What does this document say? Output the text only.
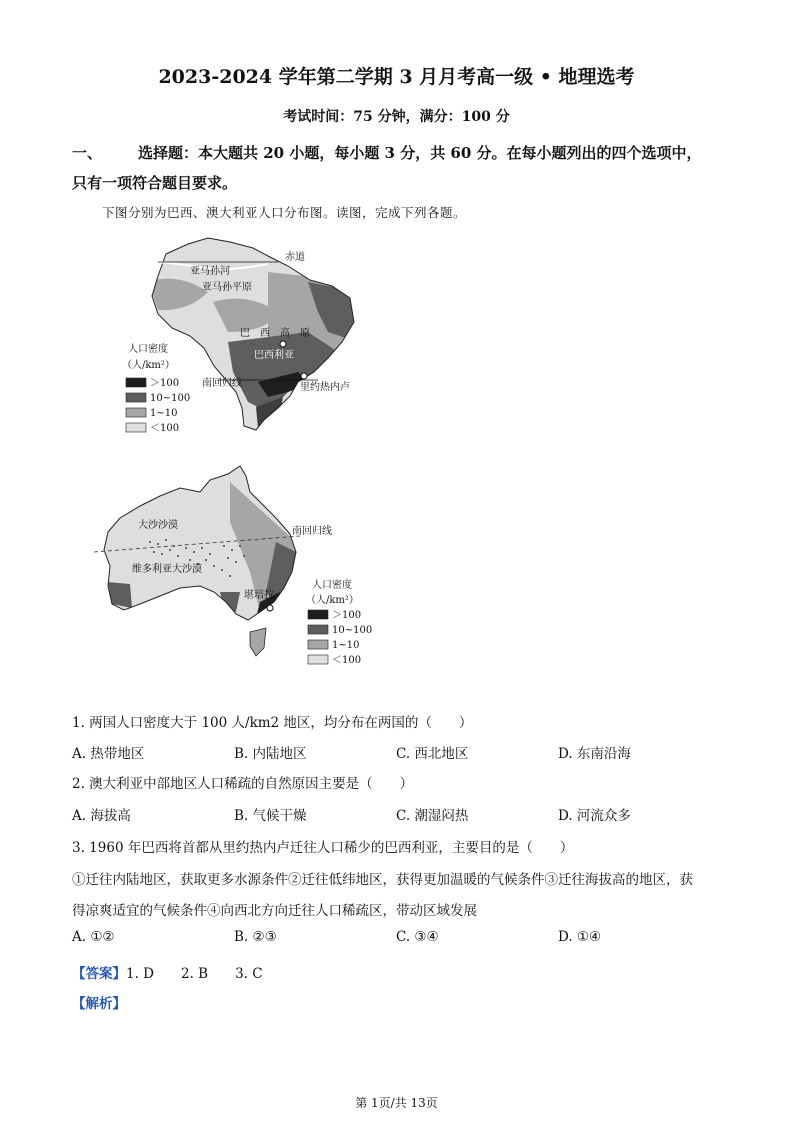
2023-2024 学年第二学期 3 月月考高一级 • 地理选考
考试时间：75 分钟，满分：100 分
一、 选择题：本大题共 20 小题，每小题 3 分，共 60 分。在每小题列出的四个选项中，
只有一项符合题目要求。
下图分别为巴西、澳大利亚人口分布图。读图，完成下列各题。
赤道
亚马孙河
亚马孙平原
巴　西　高　原
巴西利亚
南回归线	里约热内卢
人口密度
（人/km²）
＞100
10~100
1~10
＜100
大沙沙漠
南回归线
维多利亚大沙漠
堪培拉
人口密度
（人/km²）
＞100
10~100
1~10
＜100
1. 两国人口密度大于 100 人/km2 地区，均分布在两国的（　　）
A. 热带地区	B. 内陆地区	C. 西北地区	D. 东南沿海
2. 澳大利亚中部地区人口稀疏的自然原因主要是（　　）
A. 海拔高	B. 气候干燥	C. 潮湿闷热	D. 河流众多
3. 1960 年巴西将首都从里约热内卢迁往人口稀少的巴西利亚，主要目的是（　　）
①迁往内陆地区，获取更多水源条件②迁往低纬地区，获得更加温暖的气候条件③迁往海拔高的地区，获
得凉爽适宜的气候条件④向西北方向迁往人口稀疏区，带动区域发展
A. ①②	B. ②③	C. ③④	D. ①④
【答案】1. D　　2. B　　3. C
【解析】
第 1页/共 13页
